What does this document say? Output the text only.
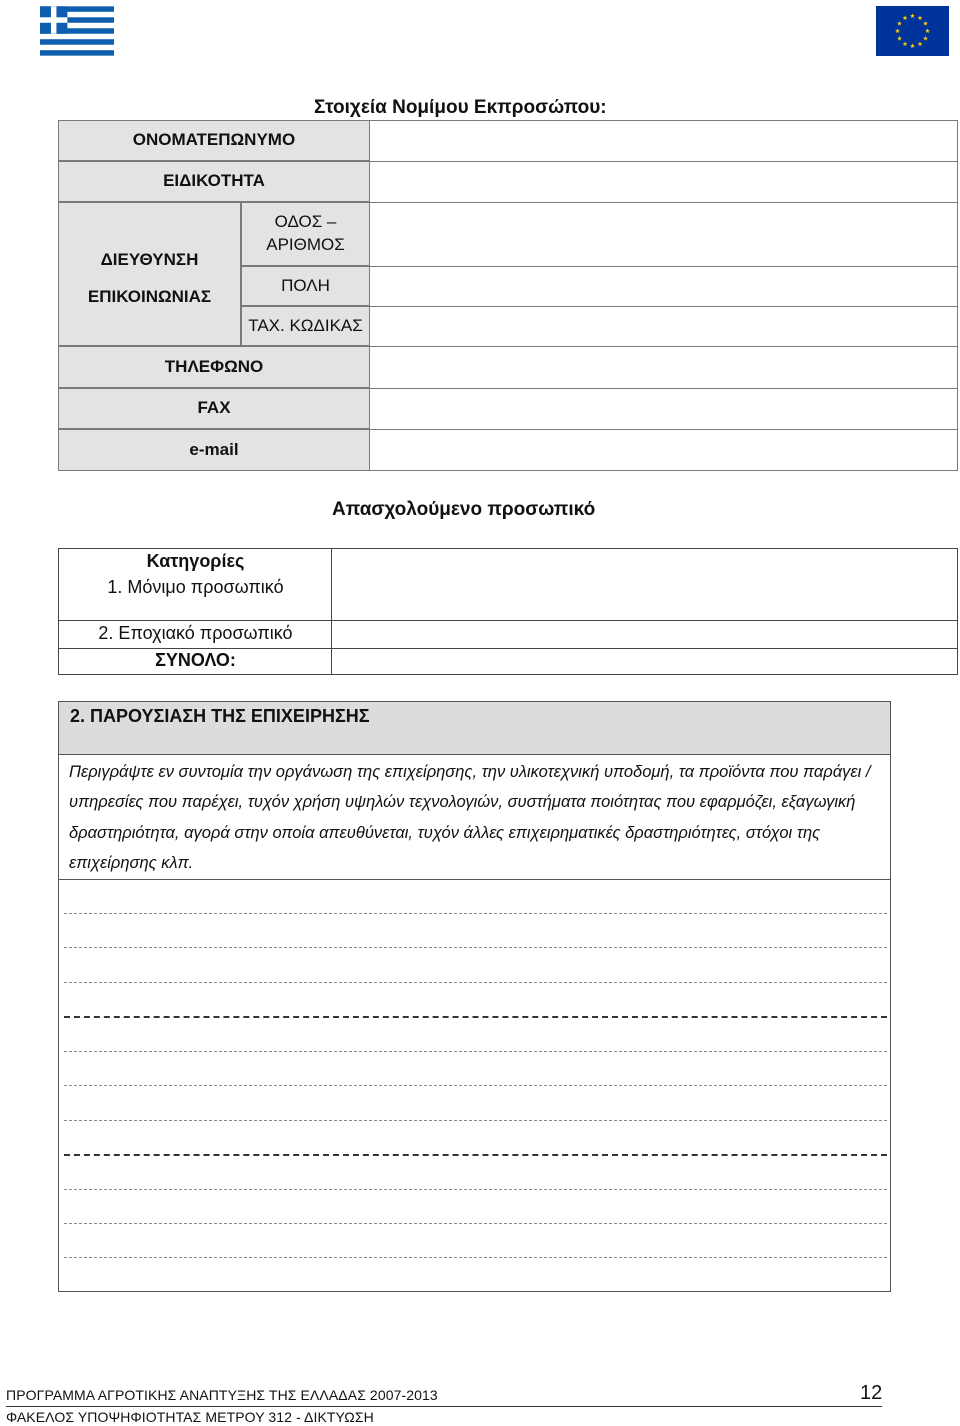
Στοιχεία Νομίμου Εκπροσώπου:
ΟΝΟΜΑΤΕΠΩΝΥΜΟ
ΕΙΔΙΚΟΤΗΤΑ
ΔΙΕΥΘΥΝΣΗ
ΕΠΙΚΟΙΝΩΝΙΑΣ
ΟΔΟΣ –
ΑΡΙΘΜΟΣ
ΠΟΛΗ
ΤΑΧ. ΚΩΔΙΚΑΣ
ΤΗΛΕΦΩΝΟ
FAX
e-mail
Απασχολούμενο προσωπικό
Κατηγορίες
1. Μόνιμο προσωπικό
2. Εποχιακό προσωπικό
ΣΥΝΟΛΟ:
2. ΠΑΡΟΥΣΙΑΣΗ ΤΗΣ ΕΠΙΧΕΙΡΗΣΗΣ
Περιγράψτε εν συντομία την οργάνωση της επιχείρησης, την υλικοτεχνική υποδομή, τα προϊόντα που παράγει / υπηρεσίες που παρέχει, τυχόν χρήση υψηλών τεχνολογιών, συστήματα ποιότητας που εφαρμόζει, εξαγωγική δραστηριότητα, αγορά στην οποία απευθύνεται, τυχόν άλλες επιχειρηματικές δραστηριότητες, στόχοι της επιχείρησης κλπ.
ΠΡΟΓΡΑΜΜΑ ΑΓΡΟΤΙΚΗΣ ΑΝΑΠΤΥΞΗΣ ΤΗΣ ΕΛΛΑΔΑΣ 2007-2013	12
ΦΑΚΕΛΟΣ ΥΠΟΨΗΦΙΟΤΗΤΑΣ ΜΕΤΡΟΥ 312 - ΔΙΚΤΥΩΣΗ
